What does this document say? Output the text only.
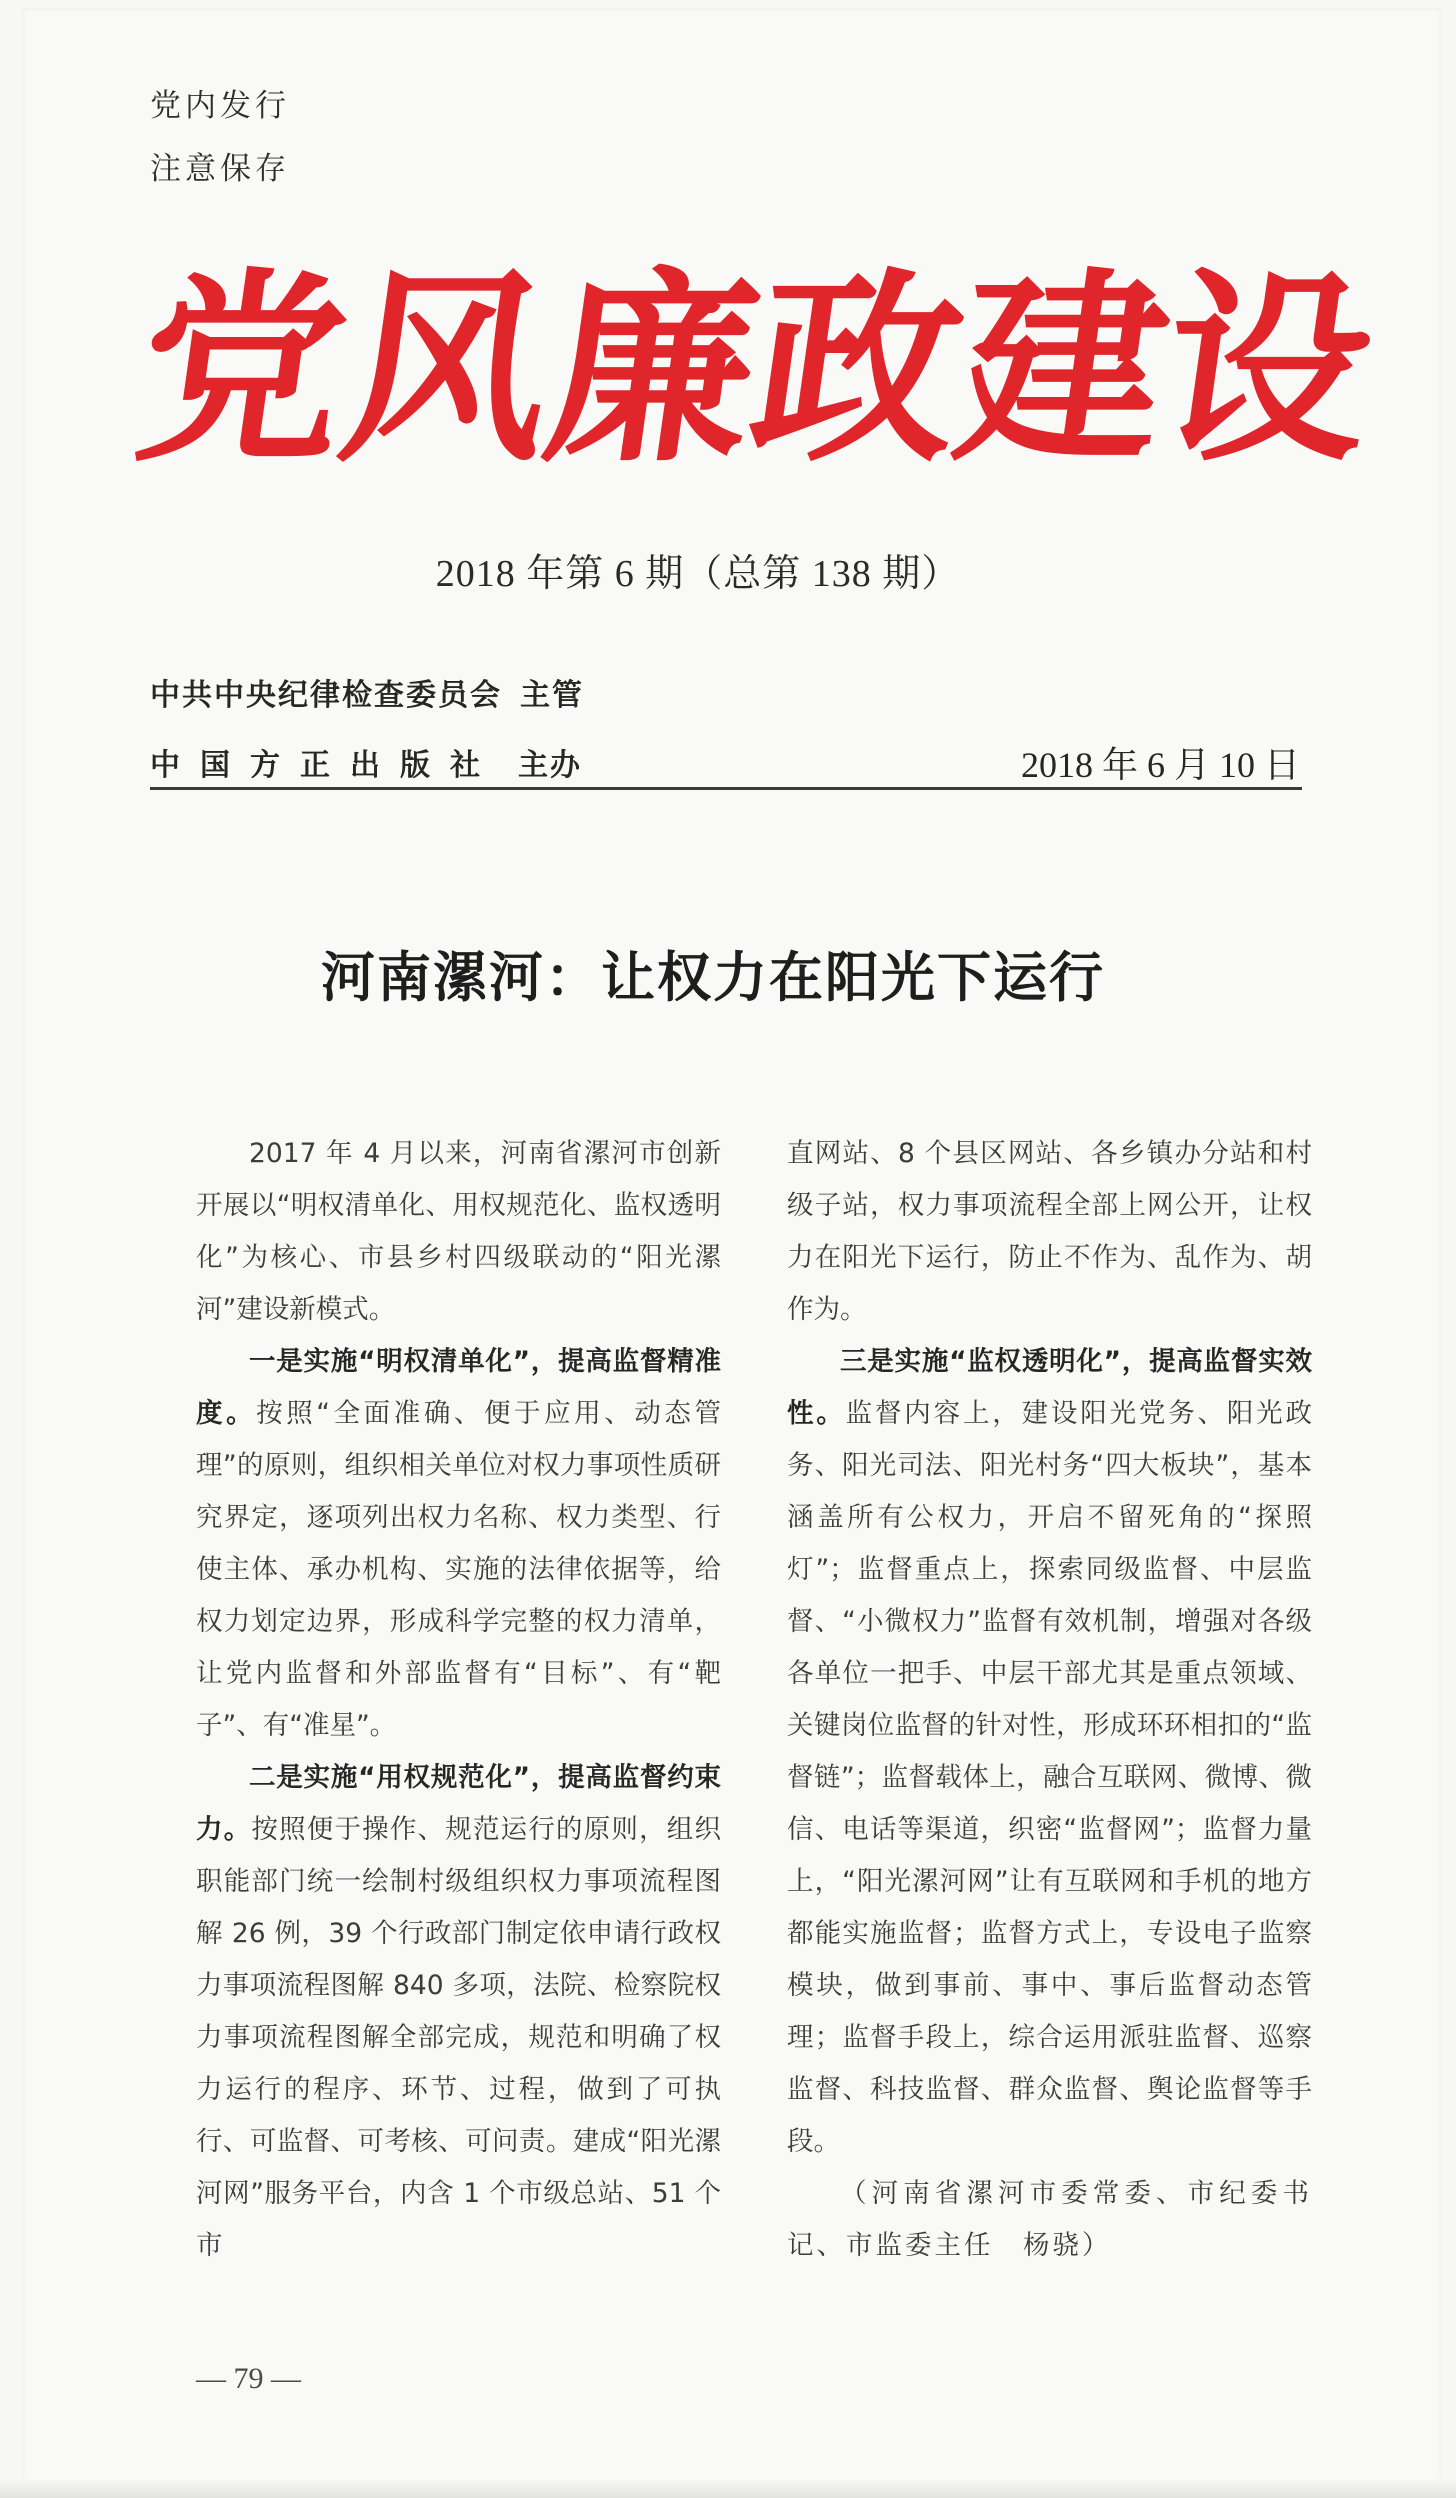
党内发行
注意保存
党
风
廉
政
建
设
2018 年第 6 期（总第 138 期）
中共中央纪律检查委员会 主管
中国方正出版社 主办	2018 年 6 月 10 日
河南漯河：让权力在阳光下运行

2017 年 4 月以来，河南省漯河市创新开展以“明权清单化、用权规范化、监权透明化”为核心、市县乡村四级联动的“阳光漯河”建设新模式。

一是实施“明权清单化”，提高监督精准度。按照“全面准确、便于应用、动态管理”的原则，组织相关单位对权力事项性质研究界定，逐项列出权力名称、权力类型、行使主体、承办机构、实施的法律依据等，给权力划定边界，形成科学完整的权力清单，让党内监督和外部监督有“目标”、有“靶子”、有“准星”。

二是实施“用权规范化”，提高监督约束力。按照便于操作、规范运行的原则，组织职能部门统一绘制村级组织权力事项流程图解 26 例，39 个行政部门制定依申请行政权力事项流程图解 840 多项，法院、检察院权力事项流程图解全部完成，规范和明确了权力运行的程序、环节、过程，做到了可执行、可监督、可考核、可问责。建成“阳光漯河网”服务平台，内含 1 个市级总站、51 个市

直网站、8 个县区网站、各乡镇办分站和村级子站，权力事项流程全部上网公开，让权力在阳光下运行，防止不作为、乱作为、胡作为。

三是实施“监权透明化”，提高监督实效性。监督内容上，建设阳光党务、阳光政务、阳光司法、阳光村务“四大板块”，基本涵盖所有公权力，开启不留死角的“探照灯”；监督重点上，探索同级监督、中层监督、“小微权力”监督有效机制，增强对各级各单位一把手、中层干部尤其是重点领域、关键岗位监督的针对性，形成环环相扣的“监督链”；监督载体上，融合互联网、微博、微信、电话等渠道，织密“监督网”；监督力量上，“阳光漯河网”让有互联网和手机的地方都能实施监督；监督方式上，专设电子监察模块，做到事前、事中、事后监督动态管理；监督手段上，综合运用派驻监督、巡察监督、科技监督、群众监督、舆论监督等手段。

（河南省漯河市委常委、市纪委书记、市监委主任　杨骁）

— 79 —
